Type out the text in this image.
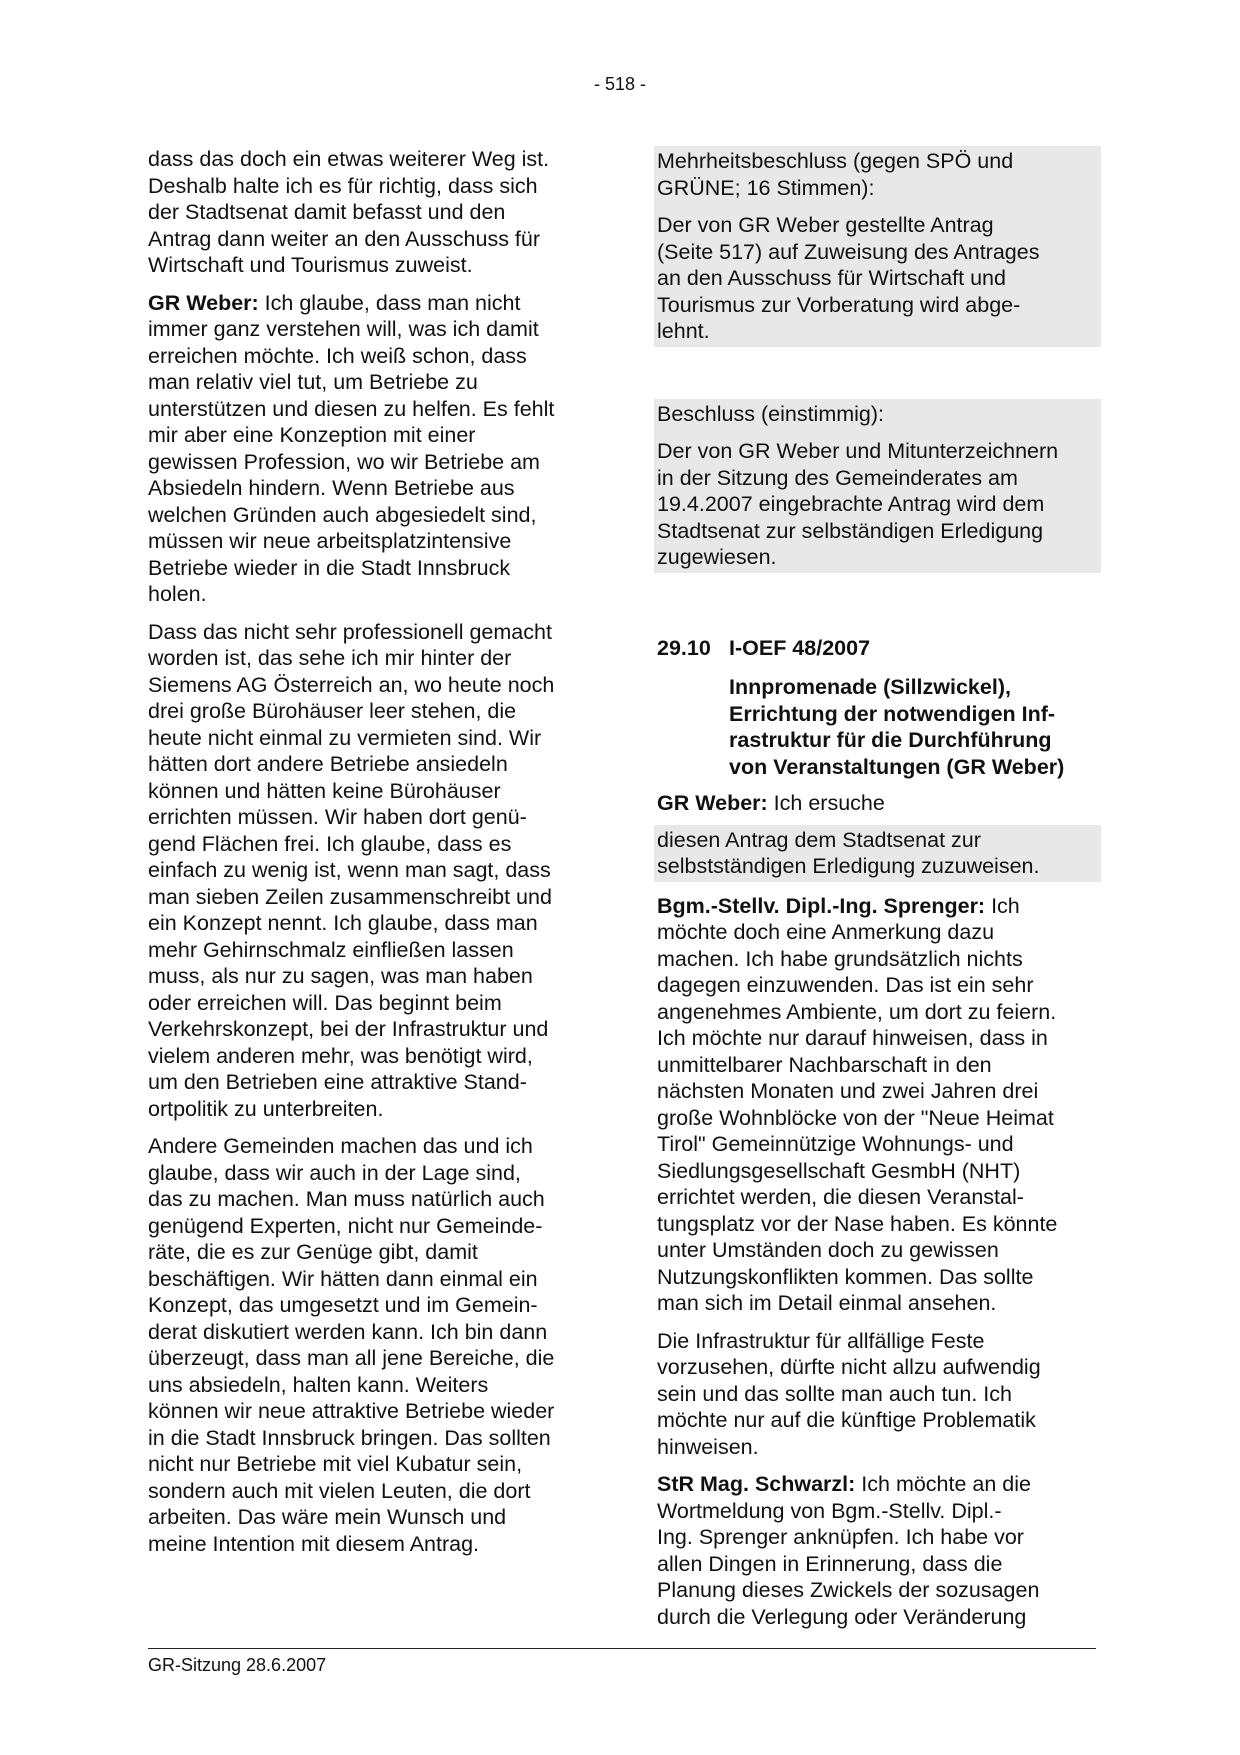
- 518 -
dass das doch ein etwas weiterer Weg ist.
Deshalb halte ich es für richtig, dass sich
der Stadtsenat damit befasst und den
Antrag dann weiter an den Ausschuss für
Wirtschaft und Tourismus zuweist.
GR Weber: Ich glaube, dass man nicht
immer ganz verstehen will, was ich damit
erreichen möchte. Ich weiß schon, dass
man relativ viel tut, um Betriebe zu
unterstützen und diesen zu helfen. Es fehlt
mir aber eine Konzeption mit einer
gewissen Profession, wo wir Betriebe am
Absiedeln hindern. Wenn Betriebe aus
welchen Gründen auch abgesiedelt sind,
müssen wir neue arbeitsplatzintensive
Betriebe wieder in die Stadt Innsbruck
holen.
Dass das nicht sehr professionell gemacht
worden ist, das sehe ich mir hinter der
Siemens AG Österreich an, wo heute noch
drei große Bürohäuser leer stehen, die
heute nicht einmal zu vermieten sind. Wir
hätten dort andere Betriebe ansiedeln
können und hätten keine Bürohäuser
errichten müssen. Wir haben dort genü-
gend Flächen frei. Ich glaube, dass es
einfach zu wenig ist, wenn man sagt, dass
man sieben Zeilen zusammenschreibt und
ein Konzept nennt. Ich glaube, dass man
mehr Gehirnschmalz einfließen lassen
muss, als nur zu sagen, was man haben
oder erreichen will. Das beginnt beim
Verkehrskonzept, bei der Infrastruktur und
vielem anderen mehr, was benötigt wird,
um den Betrieben eine attraktive Stand-
ortpolitik zu unterbreiten.
Andere Gemeinden machen das und ich
glaube, dass wir auch in der Lage sind,
das zu machen. Man muss natürlich auch
genügend Experten, nicht nur Gemeinde-
räte, die es zur Genüge gibt, damit
beschäftigen. Wir hätten dann einmal ein
Konzept, das umgesetzt und im Gemein-
derat diskutiert werden kann. Ich bin dann
überzeugt, dass man all jene Bereiche, die
uns absiedeln, halten kann. Weiters
können wir neue attraktive Betriebe wieder
in die Stadt Innsbruck bringen. Das sollten
nicht nur Betriebe mit viel Kubatur sein,
sondern auch mit vielen Leuten, die dort
arbeiten. Das wäre mein Wunsch und
meine Intention mit diesem Antrag.
Mehrheitsbeschluss (gegen SPÖ und
GRÜNE; 16 Stimmen):
Der von GR Weber gestellte Antrag
(Seite 517) auf Zuweisung des Antrages
an den Ausschuss für Wirtschaft und
Tourismus zur Vorberatung wird abge-
lehnt.
Beschluss (einstimmig):
Der von GR Weber und Mitunterzeichnern
in der Sitzung des Gemeinderates am
19.4.2007 eingebrachte Antrag wird dem
Stadtsenat zur selbständigen Erledigung
zugewiesen.
29.10 I-OEF 48/2007
Innpromenade (Sillzwickel),
Errichtung der notwendigen Inf-
rastruktur für die Durchführung
von Veranstaltungen (GR Weber)
GR Weber: Ich ersuche
diesen Antrag dem Stadtsenat zur
selbstständigen Erledigung zuzuweisen.
Bgm.-Stellv. Dipl.-Ing. Sprenger: Ich
möchte doch eine Anmerkung dazu
machen. Ich habe grundsätzlich nichts
dagegen einzuwenden. Das ist ein sehr
angenehmes Ambiente, um dort zu feiern.
Ich möchte nur darauf hinweisen, dass in
unmittelbarer Nachbarschaft in den
nächsten Monaten und zwei Jahren drei
große Wohnblöcke von der "Neue Heimat
Tirol" Gemeinnützige Wohnungs- und
Siedlungsgesellschaft GesmbH (NHT)
errichtet werden, die diesen Veranstal-
tungsplatz vor der Nase haben. Es könnte
unter Umständen doch zu gewissen
Nutzungskonflikten kommen. Das sollte
man sich im Detail einmal ansehen.
Die Infrastruktur für allfällige Feste
vorzusehen, dürfte nicht allzu aufwendig
sein und das sollte man auch tun. Ich
möchte nur auf die künftige Problematik
hinweisen.
StR Mag. Schwarzl: Ich möchte an die
Wortmeldung von Bgm.-Stellv. Dipl.-
Ing. Sprenger anknüpfen. Ich habe vor
allen Dingen in Erinnerung, dass die
Planung dieses Zwickels der sozusagen
durch die Verlegung oder Veränderung
GR-Sitzung 28.6.2007
